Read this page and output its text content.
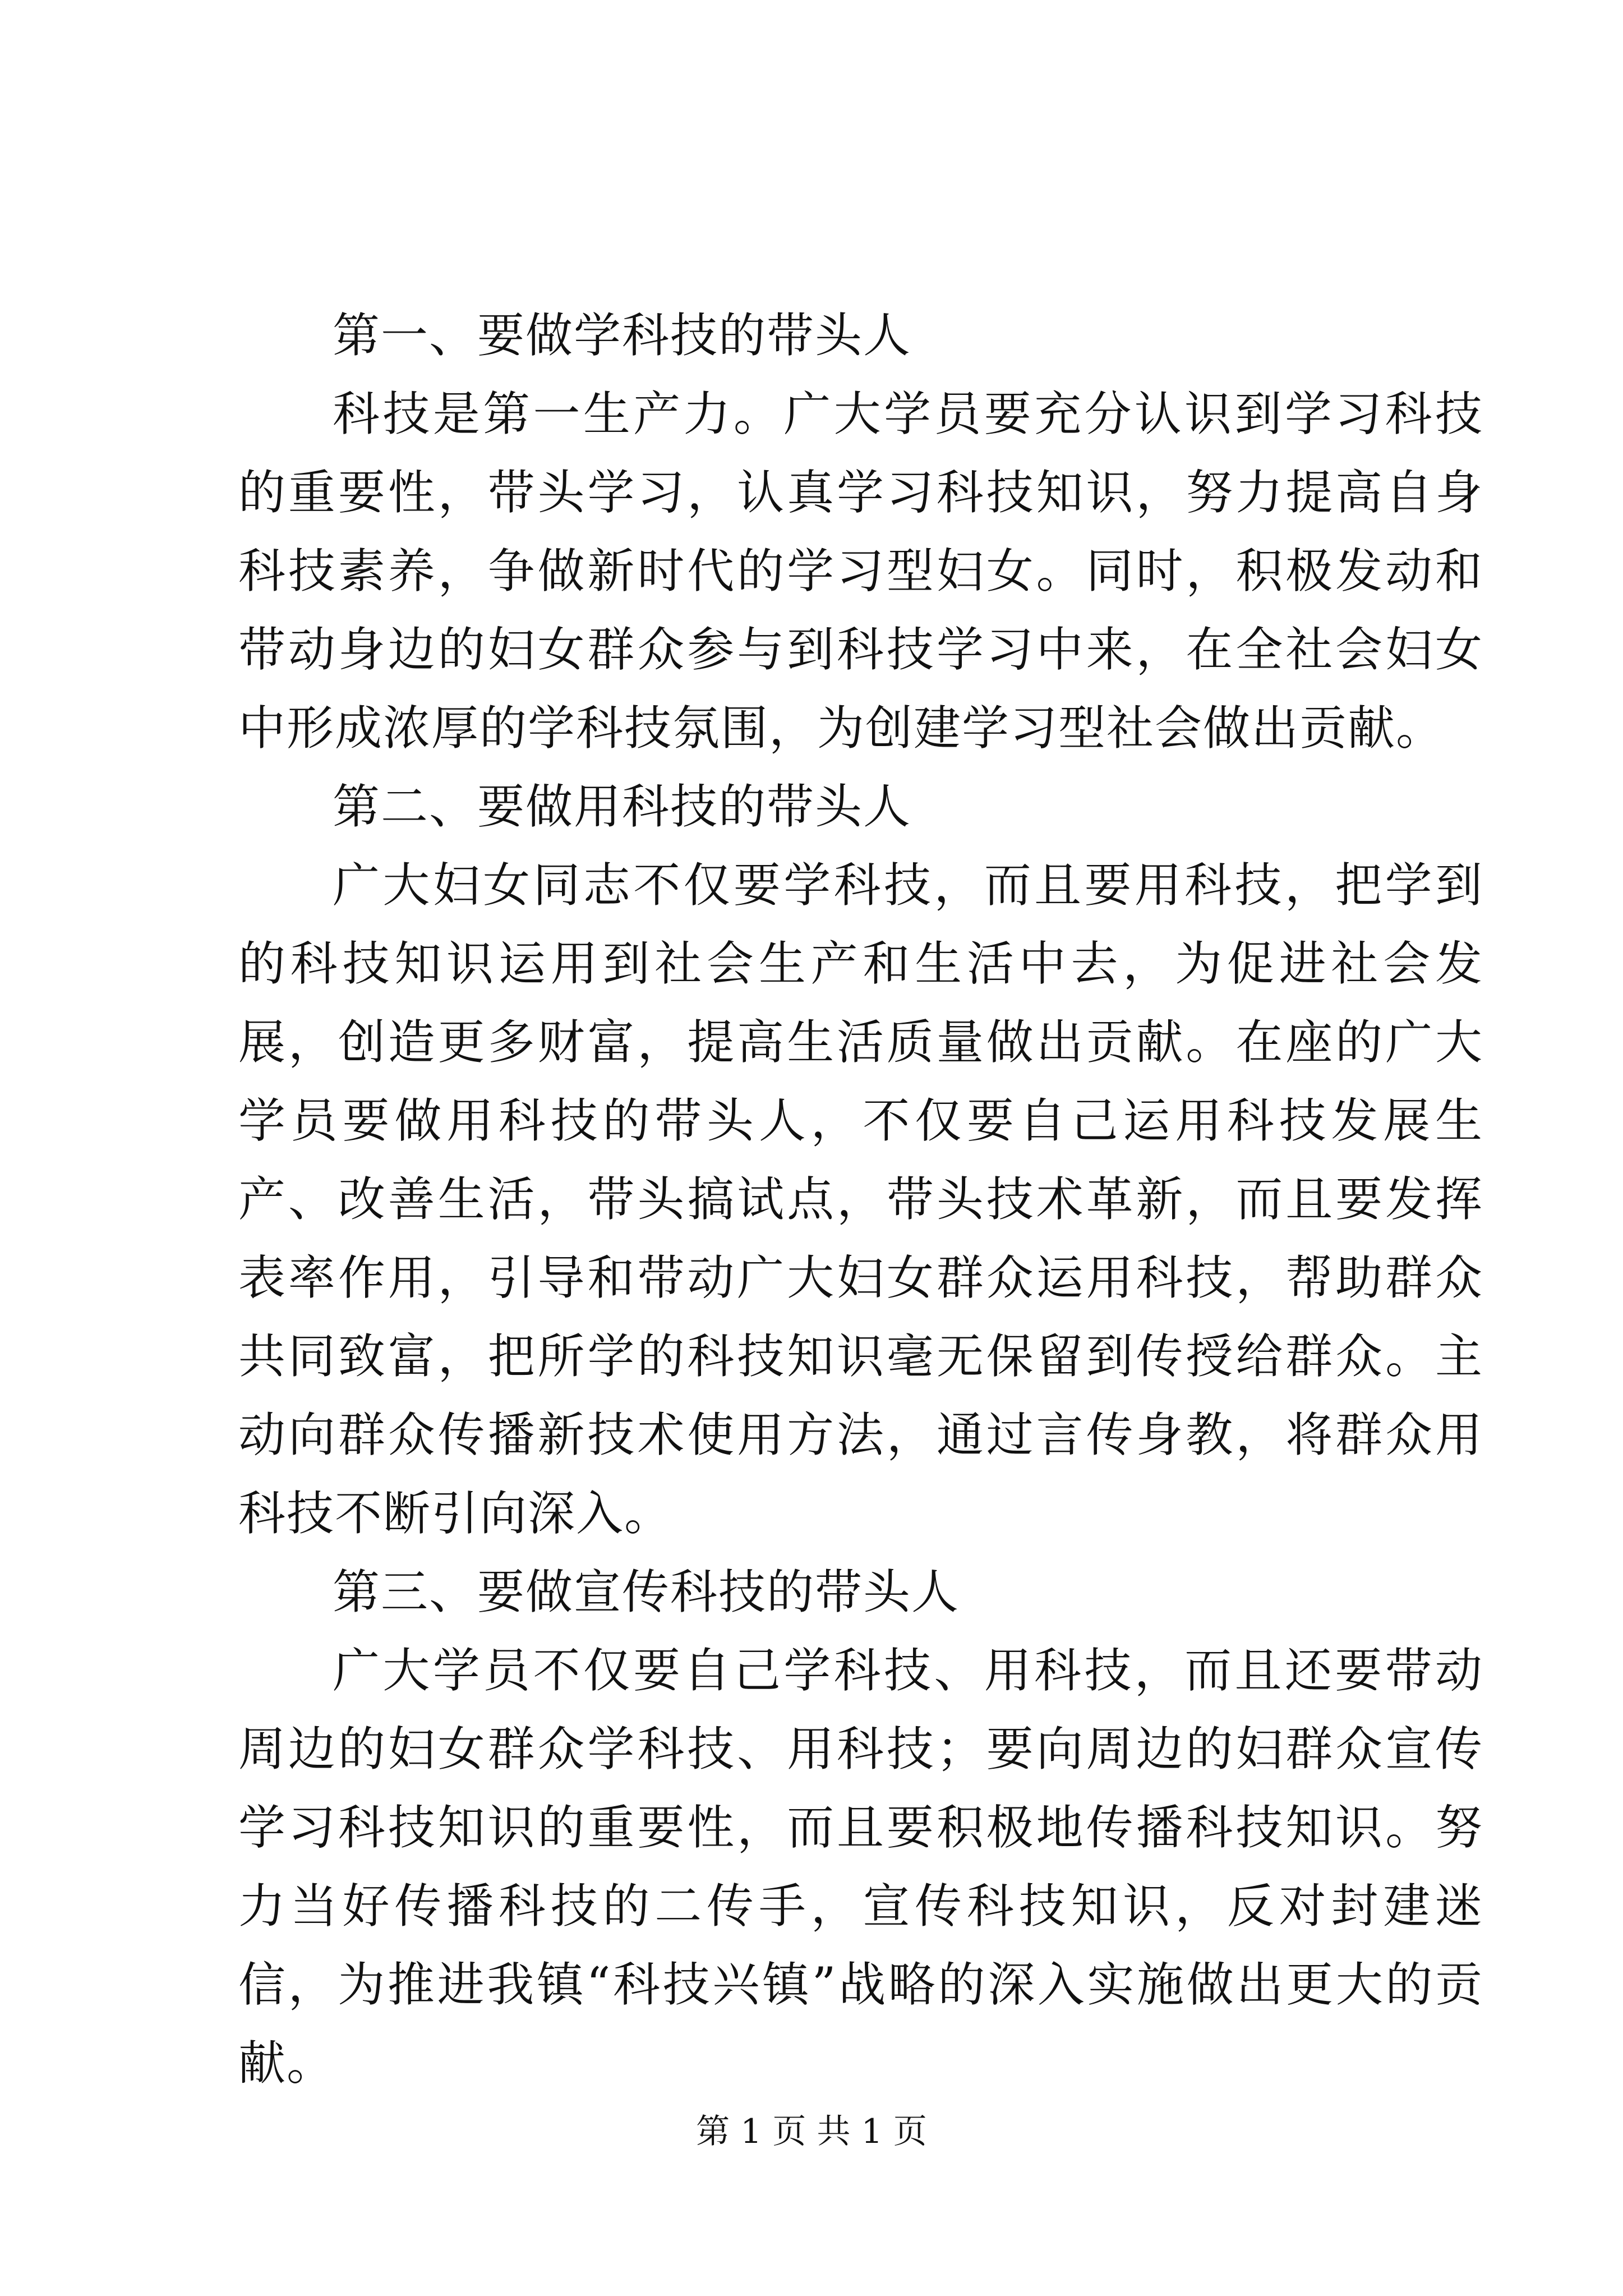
第一、要做学科技的带头人

科技是第一生产力。广大学员要充分认识到学习科技的重要性，带头学习，认真学习科技知识，努力提高自身科技素养，争做新时代的学习型妇女。同时，积极发动和带动身边的妇女群众参与到科技学习中来，在全社会妇女中形成浓厚的学科技氛围，为创建学习型社会做出贡献。

第二、要做用科技的带头人

广大妇女同志不仅要学科技，而且要用科技，把学到的科技知识运用到社会生产和生活中去，为促进社会发展，创造更多财富，提高生活质量做出贡献。在座的广大学员要做用科技的带头人，不仅要自己运用科技发展生产、改善生活，带头搞试点，带头技术革新，而且要发挥表率作用，引导和带动广大妇女群众运用科技，帮助群众共同致富，把所学的科技知识毫无保留到传授给群众。主动向群众传播新技术使用方法，通过言传身教，将群众用科技不断引向深入。

第三、要做宣传科技的带头人

广大学员不仅要自己学科技、用科技，而且还要带动周边的妇女群众学科技、用科技；要向周边的妇群众宣传学习科技知识的重要性，而且要积极地传播科技知识。努力当好传播科技的二传手，宣传科技知识，反对封建迷信，为推进我镇“科技兴镇”战略的深入实施做出更大的贡献。

第 1 页 共 1 页
